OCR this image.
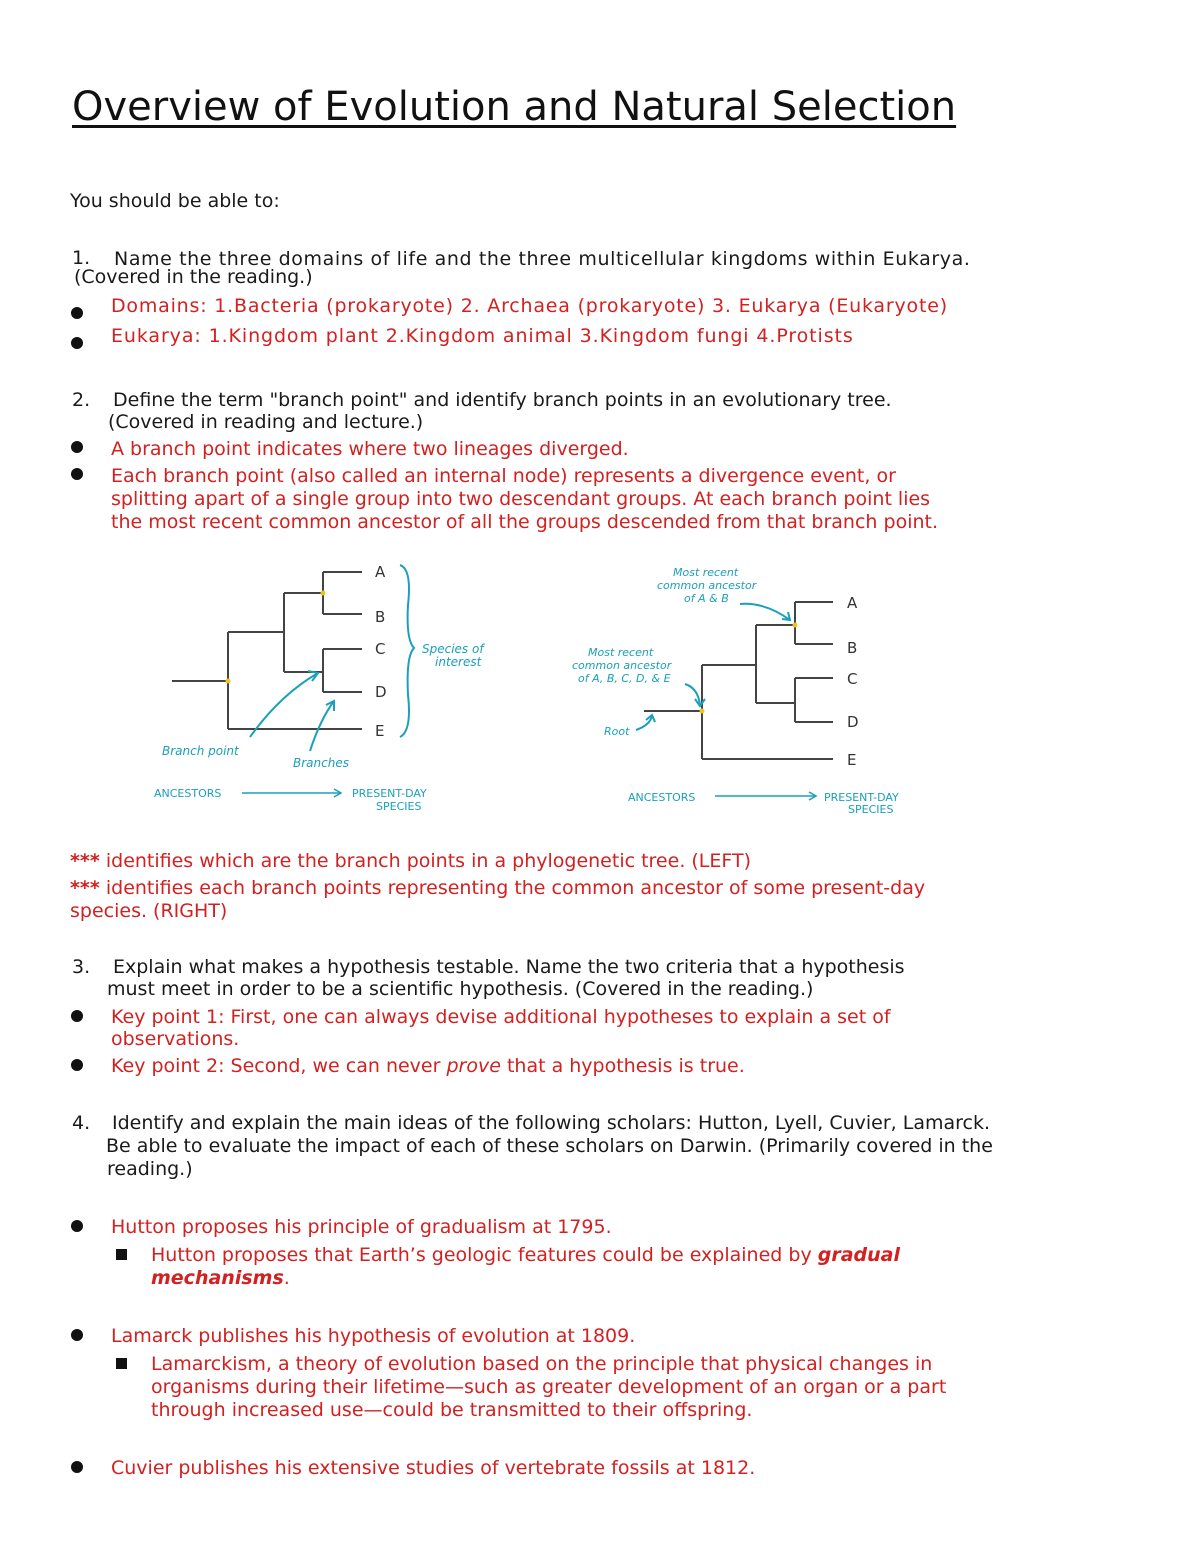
Overview of Evolution and Natural Selection
You should be able to:
1. Name the three domains of life and the three multicellular kingdoms within Eukarya.
(Covered in the reading.)
Domains: 1.Bacteria (prokaryote) 2. Archaea (prokaryote) 3. Eukarya (Eukaryote)
Eukarya: 1.Kingdom plant 2.Kingdom animal 3.Kingdom fungi 4.Protists
2. Define the term "branch point" and identify branch points in an evolutionary tree.
(Covered in reading and lecture.)
A branch point indicates where two lineages diverged.
Each branch point (also called an internal node) represents a divergence event, or
splitting apart of a single group into two descendant groups. At each branch point lies
the most recent common ancestor of all the groups descended from that branch point.
A
B
C
D
E
Species of
interest
Branch point
Branches
ANCESTORS	PRESENT-DAY
SPECIES
A
B
C
D
E
Most recent
common ancestor
of A & B
Most recent
common ancestor
of A, B, C, D, & E
Root
ANCESTORS	PRESENT-DAY
SPECIES
*** identifies which are the branch points in a phylogenetic tree. (LEFT)
*** identifies each branch points representing the common ancestor of some present-day
species. (RIGHT)
3. Explain what makes a hypothesis testable. Name the two criteria that a hypothesis
must meet in order to be a scientific hypothesis. (Covered in the reading.)
Key point 1: First, one can always devise additional hypotheses to explain a set of
observations.
Key point 2: Second, we can never prove that a hypothesis is true.
4. Identify and explain the main ideas of the following scholars: Hutton, Lyell, Cuvier, Lamarck.
Be able to evaluate the impact of each of these scholars on Darwin. (Primarily covered in the
reading.)
Hutton proposes his principle of gradualism at 1795.
Hutton proposes that Earth’s geologic features could be explained by gradual
mechanisms.
Lamarck publishes his hypothesis of evolution at 1809.
Lamarckism, a theory of evolution based on the principle that physical changes in
organisms during their lifetime—such as greater development of an organ or a part
through increased use—could be transmitted to their offspring.
Cuvier publishes his extensive studies of vertebrate fossils at 1812.
